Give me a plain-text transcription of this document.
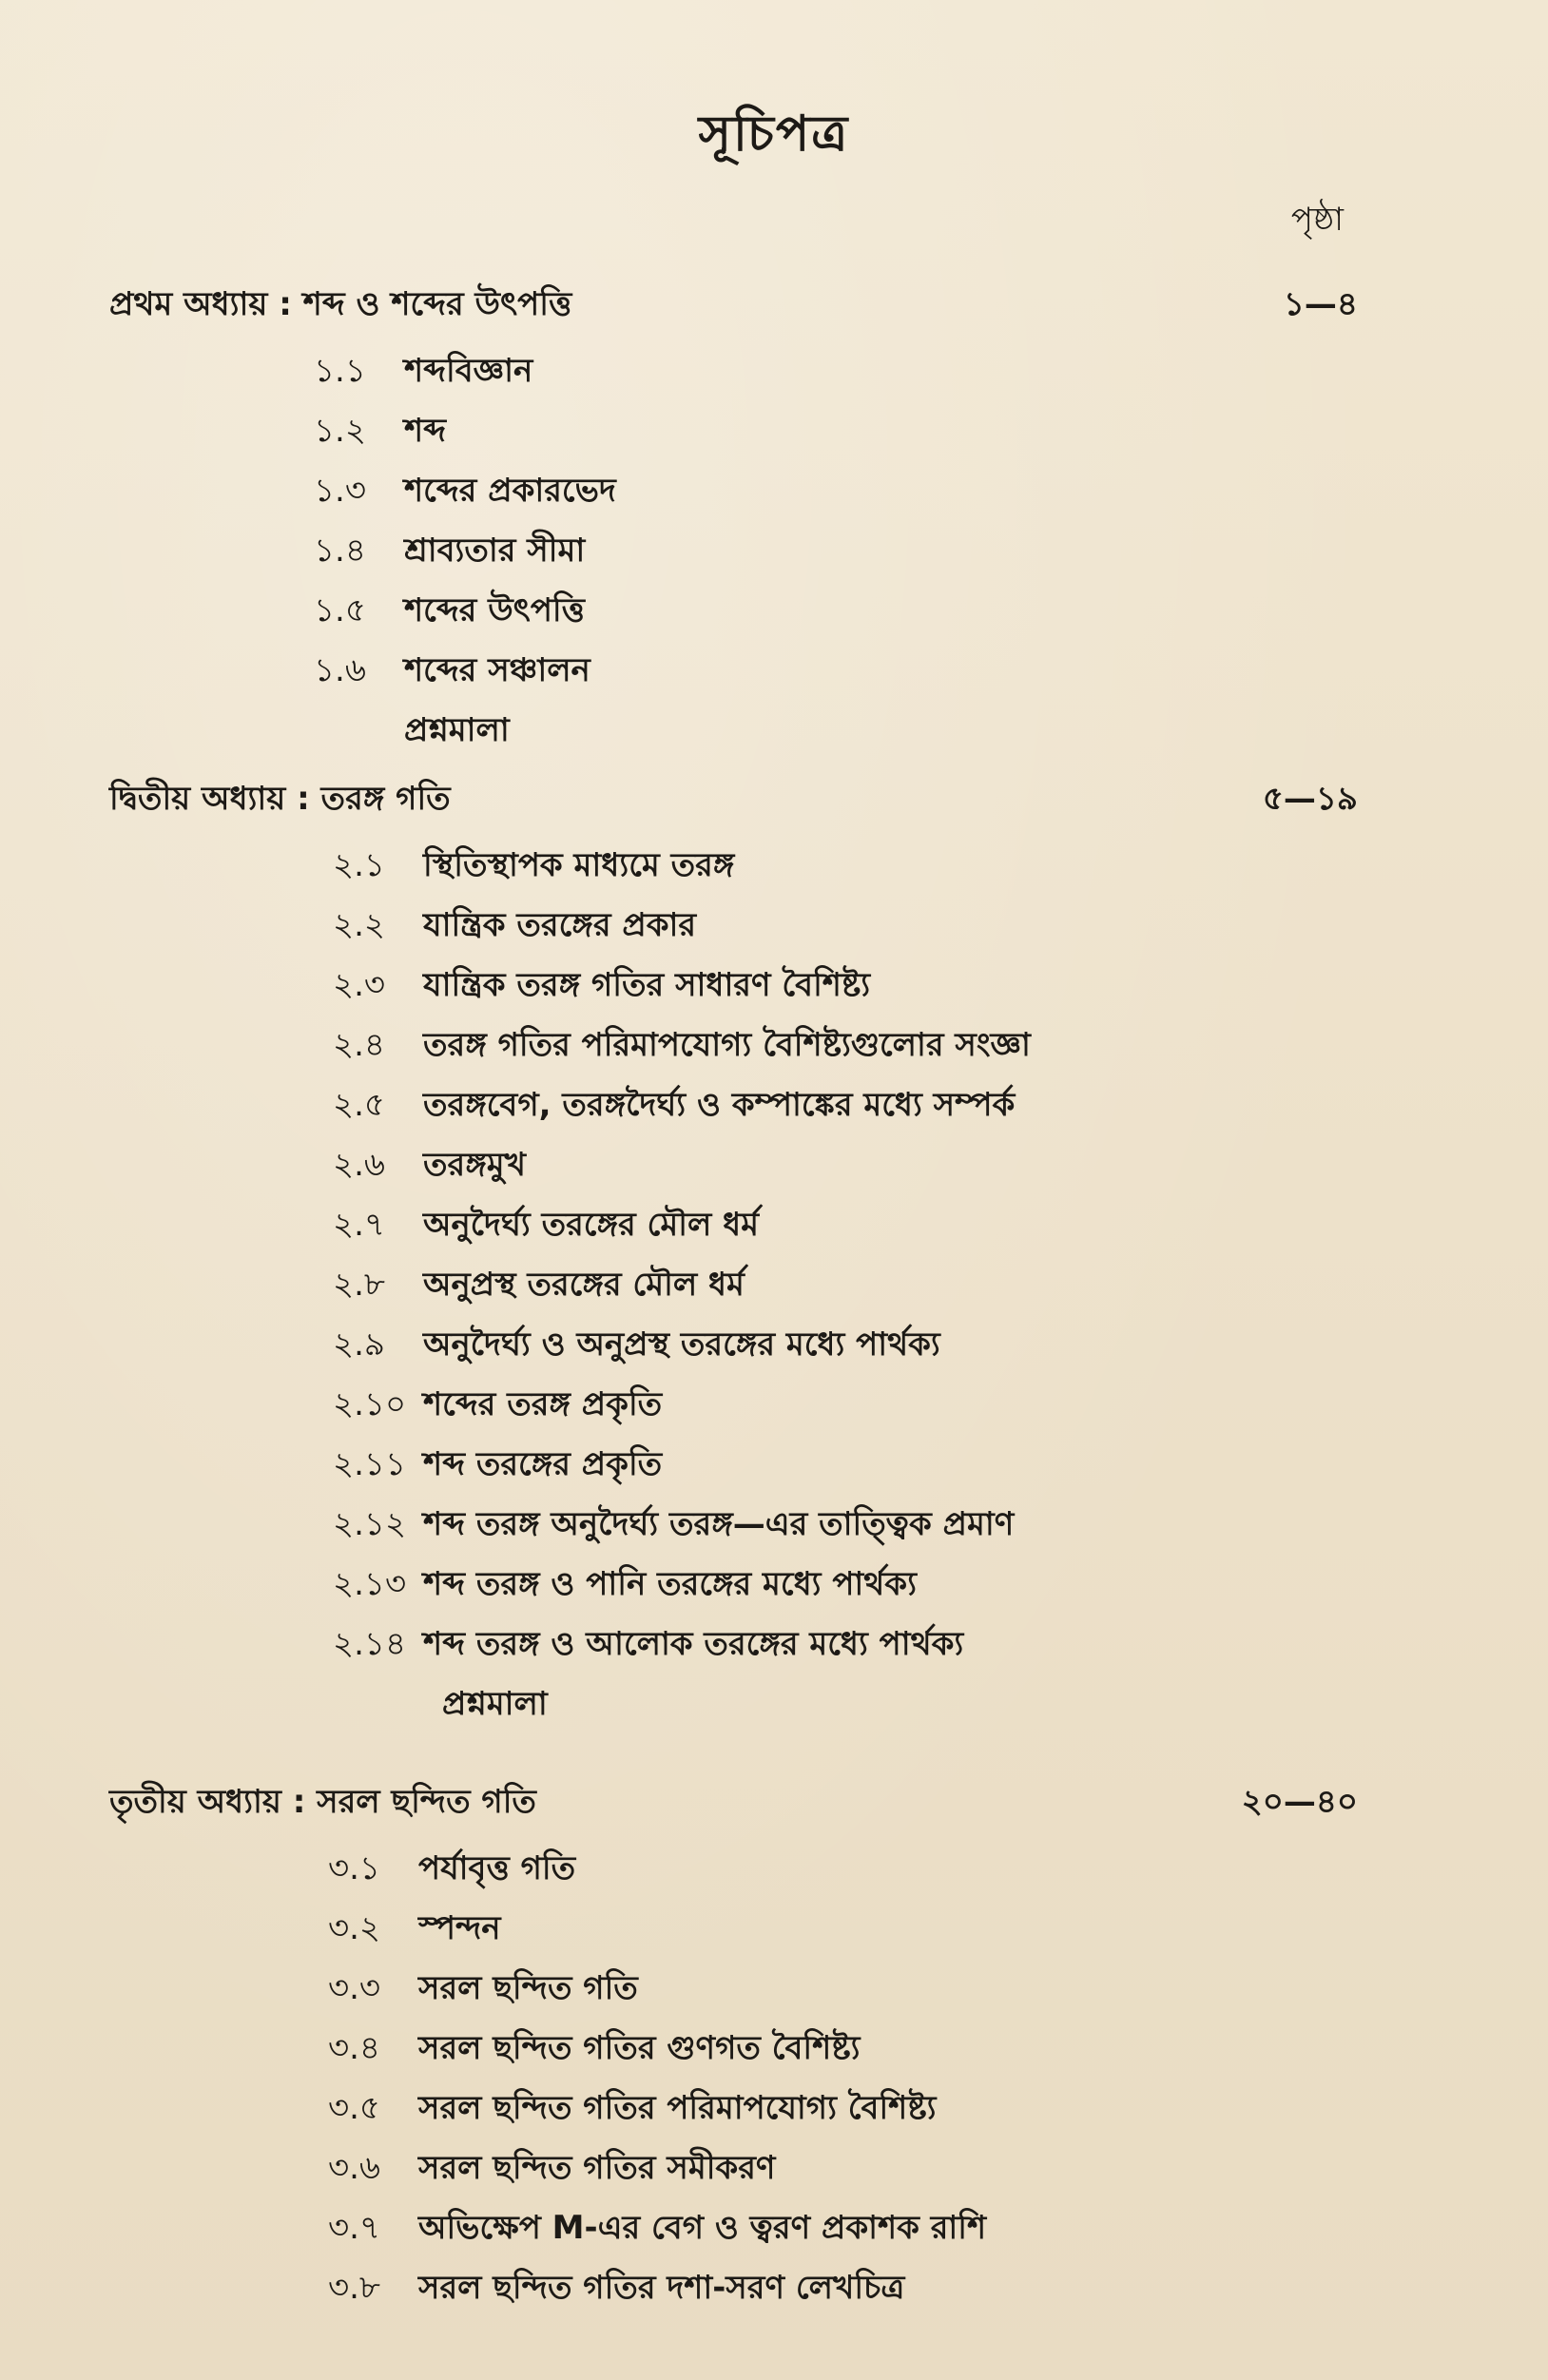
সূচিপত্র
পৃষ্ঠা
প্রথম অধ্যায় : শব্দ ও শব্দের উৎপত্তি	১—৪
১.১	শব্দবিজ্ঞান
১.২	শব্দ
১.৩	শব্দের প্রকারভেদ
১.৪	শ্রাব্যতার সীমা
১.৫	শব্দের উৎপত্তি
১.৬	শব্দের সঞ্চালন
প্রশ্নমালা
দ্বিতীয় অধ্যায় : তরঙ্গ গতি	৫—১৯
২.১	স্থিতিস্থাপক মাধ্যমে তরঙ্গ
২.২	যান্ত্রিক তরঙ্গের প্রকার
২.৩	যান্ত্রিক তরঙ্গ গতির সাধারণ বৈশিষ্ট্য
২.৪	তরঙ্গ গতির পরিমাপযোগ্য বৈশিষ্ট্যগুলোর সংজ্ঞা
২.৫	তরঙ্গবেগ, তরঙ্গদৈর্ঘ্য ও কম্পাঙ্কের মধ্যে সম্পর্ক
২.৬	তরঙ্গমুখ
২.৭	অনুদৈর্ঘ্য তরঙ্গের মৌল ধর্ম
২.৮	অনুপ্রস্থ তরঙ্গের মৌল ধর্ম
২.৯	অনুদৈর্ঘ্য ও অনুপ্রস্থ তরঙ্গের মধ্যে পার্থক্য
২.১০ শব্দের তরঙ্গ প্রকৃতি
২.১১ শব্দ তরঙ্গের প্রকৃতি
২.১২ শব্দ তরঙ্গ অনুদৈর্ঘ্য তরঙ্গ—এর তাত্ত্বিক প্রমাণ
২.১৩ শব্দ তরঙ্গ ও পানি তরঙ্গের মধ্যে পার্থক্য
২.১৪ শব্দ তরঙ্গ ও আলোক তরঙ্গের মধ্যে পার্থক্য
প্রশ্নমালা
তৃতীয় অধ্যায় : সরল ছন্দিত গতি	২০—৪০
৩.১	পর্যাবৃত্ত গতি
৩.২	স্পন্দন
৩.৩	সরল ছন্দিত গতি
৩.৪	সরল ছন্দিত গতির গুণগত বৈশিষ্ট্য
৩.৫	সরল ছন্দিত গতির পরিমাপযোগ্য বৈশিষ্ট্য
৩.৬	সরল ছন্দিত গতির সমীকরণ
৩.৭	অভিক্ষেপ M-এর বেগ ও ত্বরণ প্রকাশক রাশি
৩.৮	সরল ছন্দিত গতির দশা-সরণ লেখচিত্র
